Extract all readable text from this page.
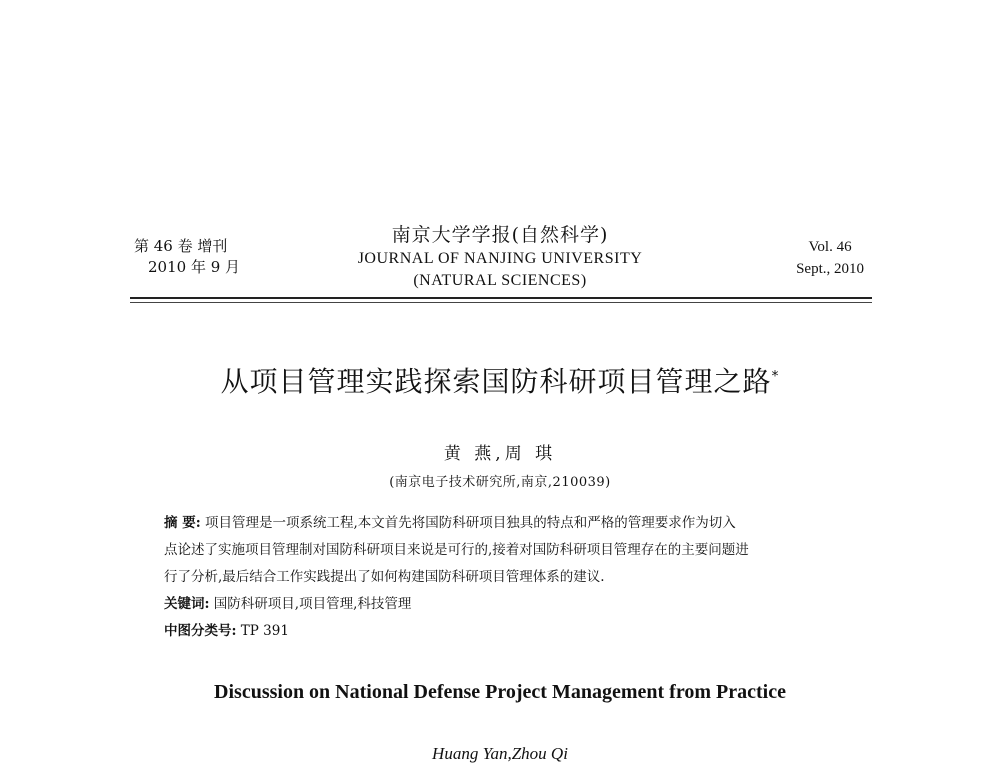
第 46 卷 增刊
2010 年 9 月
南京大学学报(自然科学)
JOURNAL OF NANJING UNIVERSITY
(NATURAL SCIENCES)
Vol. 46
Sept., 2010
从项目管理实践探索国防科研项目管理之路*
黄 燕,周 琪
(南京电子技术研究所,南京,210039)
摘 要: 项目管理是一项系统工程,本文首先将国防科研项目独具的特点和严格的管理要求作为切入
点论述了实施项目管理制对国防科研项目来说是可行的,接着对国防科研项目管理存在的主要问题进
行了分析,最后结合工作实践提出了如何构建国防科研项目管理体系的建议.
关键词: 国防科研项目,项目管理,科技管理
中图分类号: TP 391
Discussion on National Defense Project Management from Practice
Huang Yan,Zhou Qi
